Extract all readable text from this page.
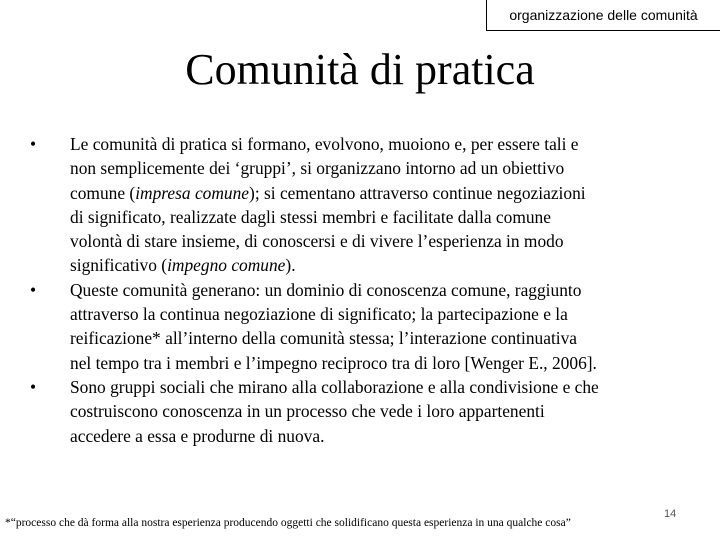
organizzazione delle comunità
Comunità di pratica
•	Le comunità di pratica si formano, evolvono, muoiono e, per essere tali e
non semplicemente dei ‘gruppi’, si organizzano intorno ad un obiettivo
comune (impresa comune); si cementano attraverso continue negoziazioni
di significato, realizzate dagli stessi membri e facilitate dalla comune
volontà di stare insieme, di conoscersi e di vivere l’esperienza in modo
significativo (impegno comune).
•	Queste comunità generano: un dominio di conoscenza comune, raggiunto
attraverso la continua negoziazione di significato; la partecipazione e la
reificazione* all’interno della comunità stessa; l’interazione continuativa
nel tempo tra i membri e l’impegno reciproco tra di loro [Wenger E., 2006].
•	Sono gruppi sociali che mirano alla collaborazione e alla condivisione e che
costruiscono conoscenza in un processo che vede i loro appartenenti
accedere a essa e produrne di nuova.
*“processo che dà forma alla nostra esperienza producendo oggetti che solidificano questa esperienza in una qualche cosa”
14
